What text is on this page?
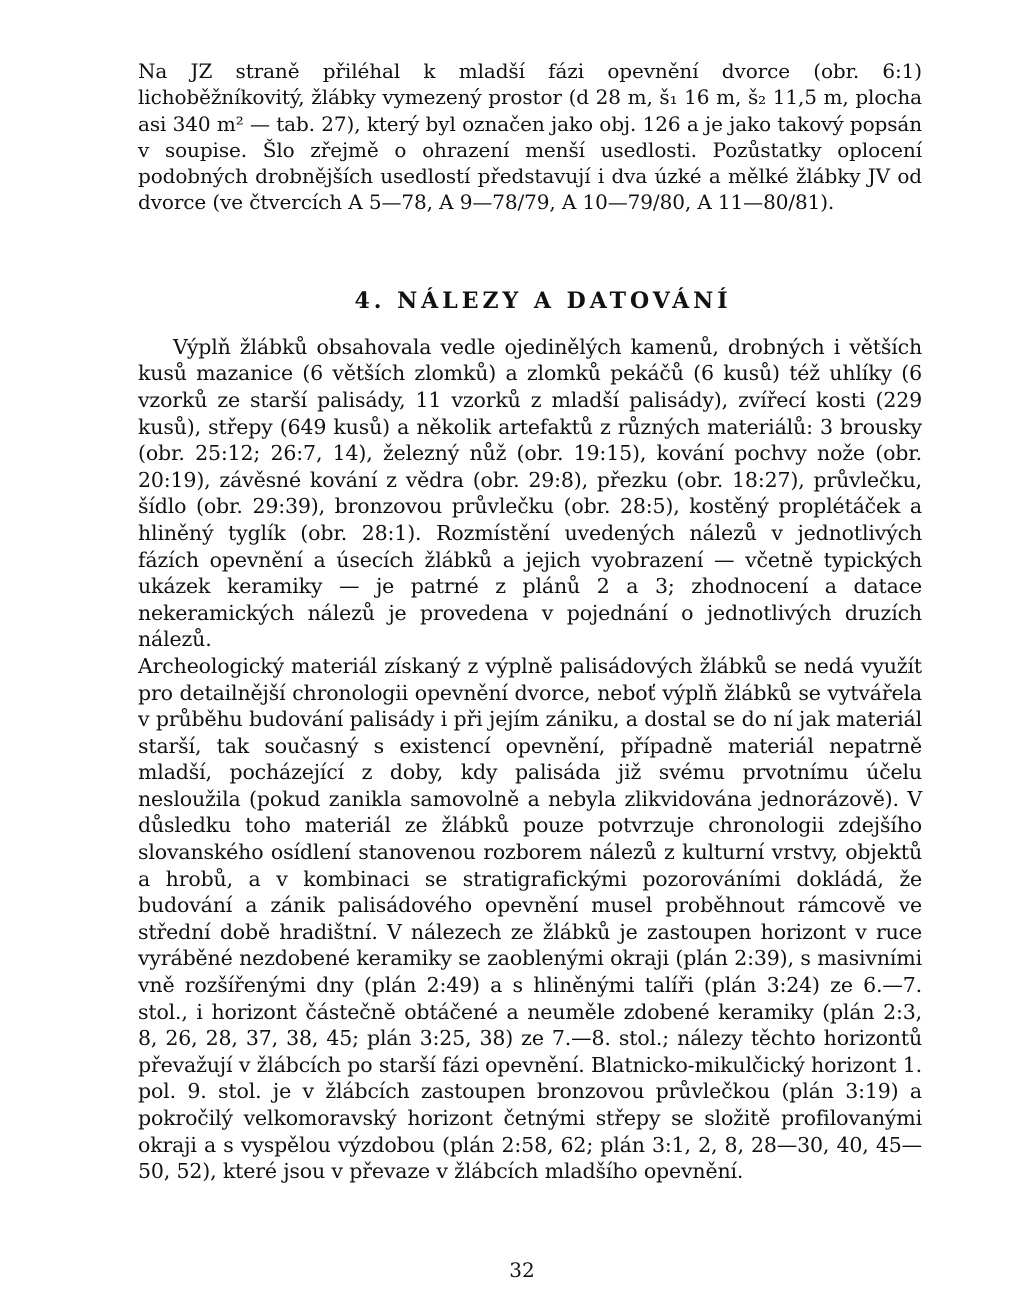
Na JZ straně přiléhal k mladší fázi opevnění dvorce (obr. 6:1) lichoběžníkovitý, žlábky vymezený prostor (d 28 m, š₁ 16 m, š₂ 11,5 m, plocha asi 340 m² — tab. 27), který byl označen jako obj. 126 a je jako takový popsán v soupise. Šlo zřejmě o ohrazení menší usedlosti. Pozůstatky oplocení podobných drobnějších usedlostí představují i dva úzké a mělké žlábky JV od dvorce (ve čtvercích A 5—78, A 9—78/79, A 10—79/80, A 11—80/81).

4. NÁLEZY A DATOVÁNÍ

Výplň žlábků obsahovala vedle ojedinělých kamenů, drobných i větších kusů mazanice (6 větších zlomků) a zlomků pekáčů (6 kusů) též uhlíky (6 vzorků ze starší palisády, 11 vzorků z mladší palisády), zvířecí kosti (229 kusů), střepy (649 kusů) a několik artefaktů z různých materiálů: 3 brousky (obr. 25:12; 26:7, 14), železný nůž (obr. 19:15), kování pochvy nože (obr. 20:19), závěsné kování z vědra (obr. 29:8), přezku (obr. 18:27), průvlečku, šídlo (obr. 29:39), bronzovou průvlečku (obr. 28:5), kostěný proplétáček a hliněný tyglík (obr. 28:1). Rozmístění uvedených nálezů v jednotlivých fázích opevnění a úsecích žlábků a jejich vyobrazení — včetně typických ukázek keramiky — je patrné z plánů 2 a 3; zhodnocení a datace nekeramických nálezů je provedena v pojednání o jednotlivých druzích nálezů.

Archeologický materiál získaný z výplně palisádových žlábků se nedá využít pro detailnější chronologii opevnění dvorce, neboť výplň žlábků se vytvářela v průběhu budování palisády i při jejím zániku, a dostal se do ní jak materiál starší, tak současný s existencí opevnění, případně materiál nepatrně mladší, pocházející z doby, kdy palisáda již svému prvotnímu účelu nesloužila (pokud zanikla samovolně a nebyla zlikvidována jednorázově). V důsledku toho materiál ze žlábků pouze potvrzuje chronologii zdejšího slovanského osídlení stanovenou rozborem nálezů z kulturní vrstvy, objektů a hrobů, a v kombinaci se stratigrafickými pozorováními dokládá, že budování a zánik palisádového opevnění musel proběhnout rámcově ve střední době hradištní. V nálezech ze žlábků je zastoupen horizont v ruce vyráběné nezdobené keramiky se zaoblenými okraji (plán 2:39), s masivními vně rozšířenými dny (plán 2:49) a s hliněnými talíři (plán 3:24) ze 6.—7. stol., i horizont částečně obtáčené a neuměle zdobené keramiky (plán 2:3, 8, 26, 28, 37, 38, 45; plán 3:25, 38) ze 7.—8. stol.; nálezy těchto horizontů převažují v žlábcích po starší fázi opevnění. Blatnicko-mikulčický horizont 1. pol. 9. stol. je v žlábcích zastoupen bronzovou průvlečkou (plán 3:19) a pokročilý velkomoravský horizont četnými střepy se složitě profilovanými okraji a s vyspělou výzdobou (plán 2:58, 62; plán 3:1, 2, 8, 28—30, 40, 45—50, 52), které jsou v převaze v žlábcích mladšího opevnění.

32
